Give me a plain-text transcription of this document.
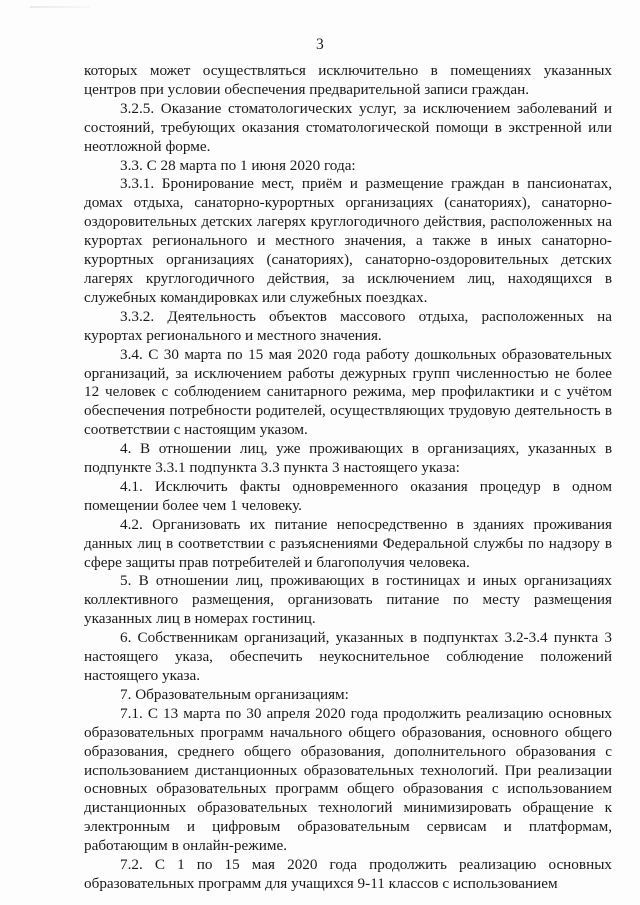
3

которых может осуществляться исключительно в помещениях указанных центров при условии обеспечения предварительной записи граждан.

3.2.5. Оказание стоматологических услуг, за исключением заболеваний и состояний, требующих оказания стоматологической помощи в экстренной или неотложной форме.

3.3. С 28 марта по 1 июня 2020 года:

3.3.1. Бронирование мест, приём и размещение граждан в пансионатах, домах отдыха, санаторно-курортных организациях (санаториях), санаторно-оздоровительных детских лагерях круглогодичного действия, расположенных на курортах регионального и местного значения, а также в иных санаторно-курортных организациях (санаториях), санаторно-оздоровительных детских лагерях круглогодичного действия, за исключением лиц, находящихся в служебных командировках или служебных поездках.

3.3.2. Деятельность объектов массового отдыха, расположенных на курортах регионального и местного значения.

3.4. С 30 марта по 15 мая 2020 года работу дошкольных образовательных организаций, за исключением работы дежурных групп численностью не более 12 человек с соблюдением санитарного режима, мер профилактики и с учётом обеспечения потребности родителей, осуществляющих трудовую деятельность в соответствии с настоящим указом.

4. В отношении лиц, уже проживающих в организациях, указанных в подпункте 3.3.1 подпункта 3.3 пункта 3 настоящего указа:

4.1. Исключить факты одновременного оказания процедур в одном помещении более чем 1 человеку.

4.2. Организовать их питание непосредственно в зданиях проживания данных лиц в соответствии с разъяснениями Федеральной службы по надзору в сфере защиты прав потребителей и благополучия человека.

5. В отношении лиц, проживающих в гостиницах и иных организациях коллективного размещения, организовать питание по месту размещения указанных лиц в номерах гостиниц.

6. Собственникам организаций, указанных в подпунктах 3.2-3.4 пункта 3 настоящего указа, обеспечить неукоснительное соблюдение положений настоящего указа.

7. Образовательным организациям:

7.1. С 13 марта по 30 апреля 2020 года продолжить реализацию основных образовательных программ начального общего образования, основного общего образования, среднего общего образования, дополнительного образования с использованием дистанционных образовательных технологий. При реализации основных образовательных программ общего образования с использованием дистанционных образовательных технологий минимизировать обращение к электронным и цифровым образовательным сервисам и платформам, работающим в онлайн-режиме.

7.2. С 1 по 15 мая 2020 года продолжить реализацию основных образовательных программ для учащихся 9-11 классов с использованием
